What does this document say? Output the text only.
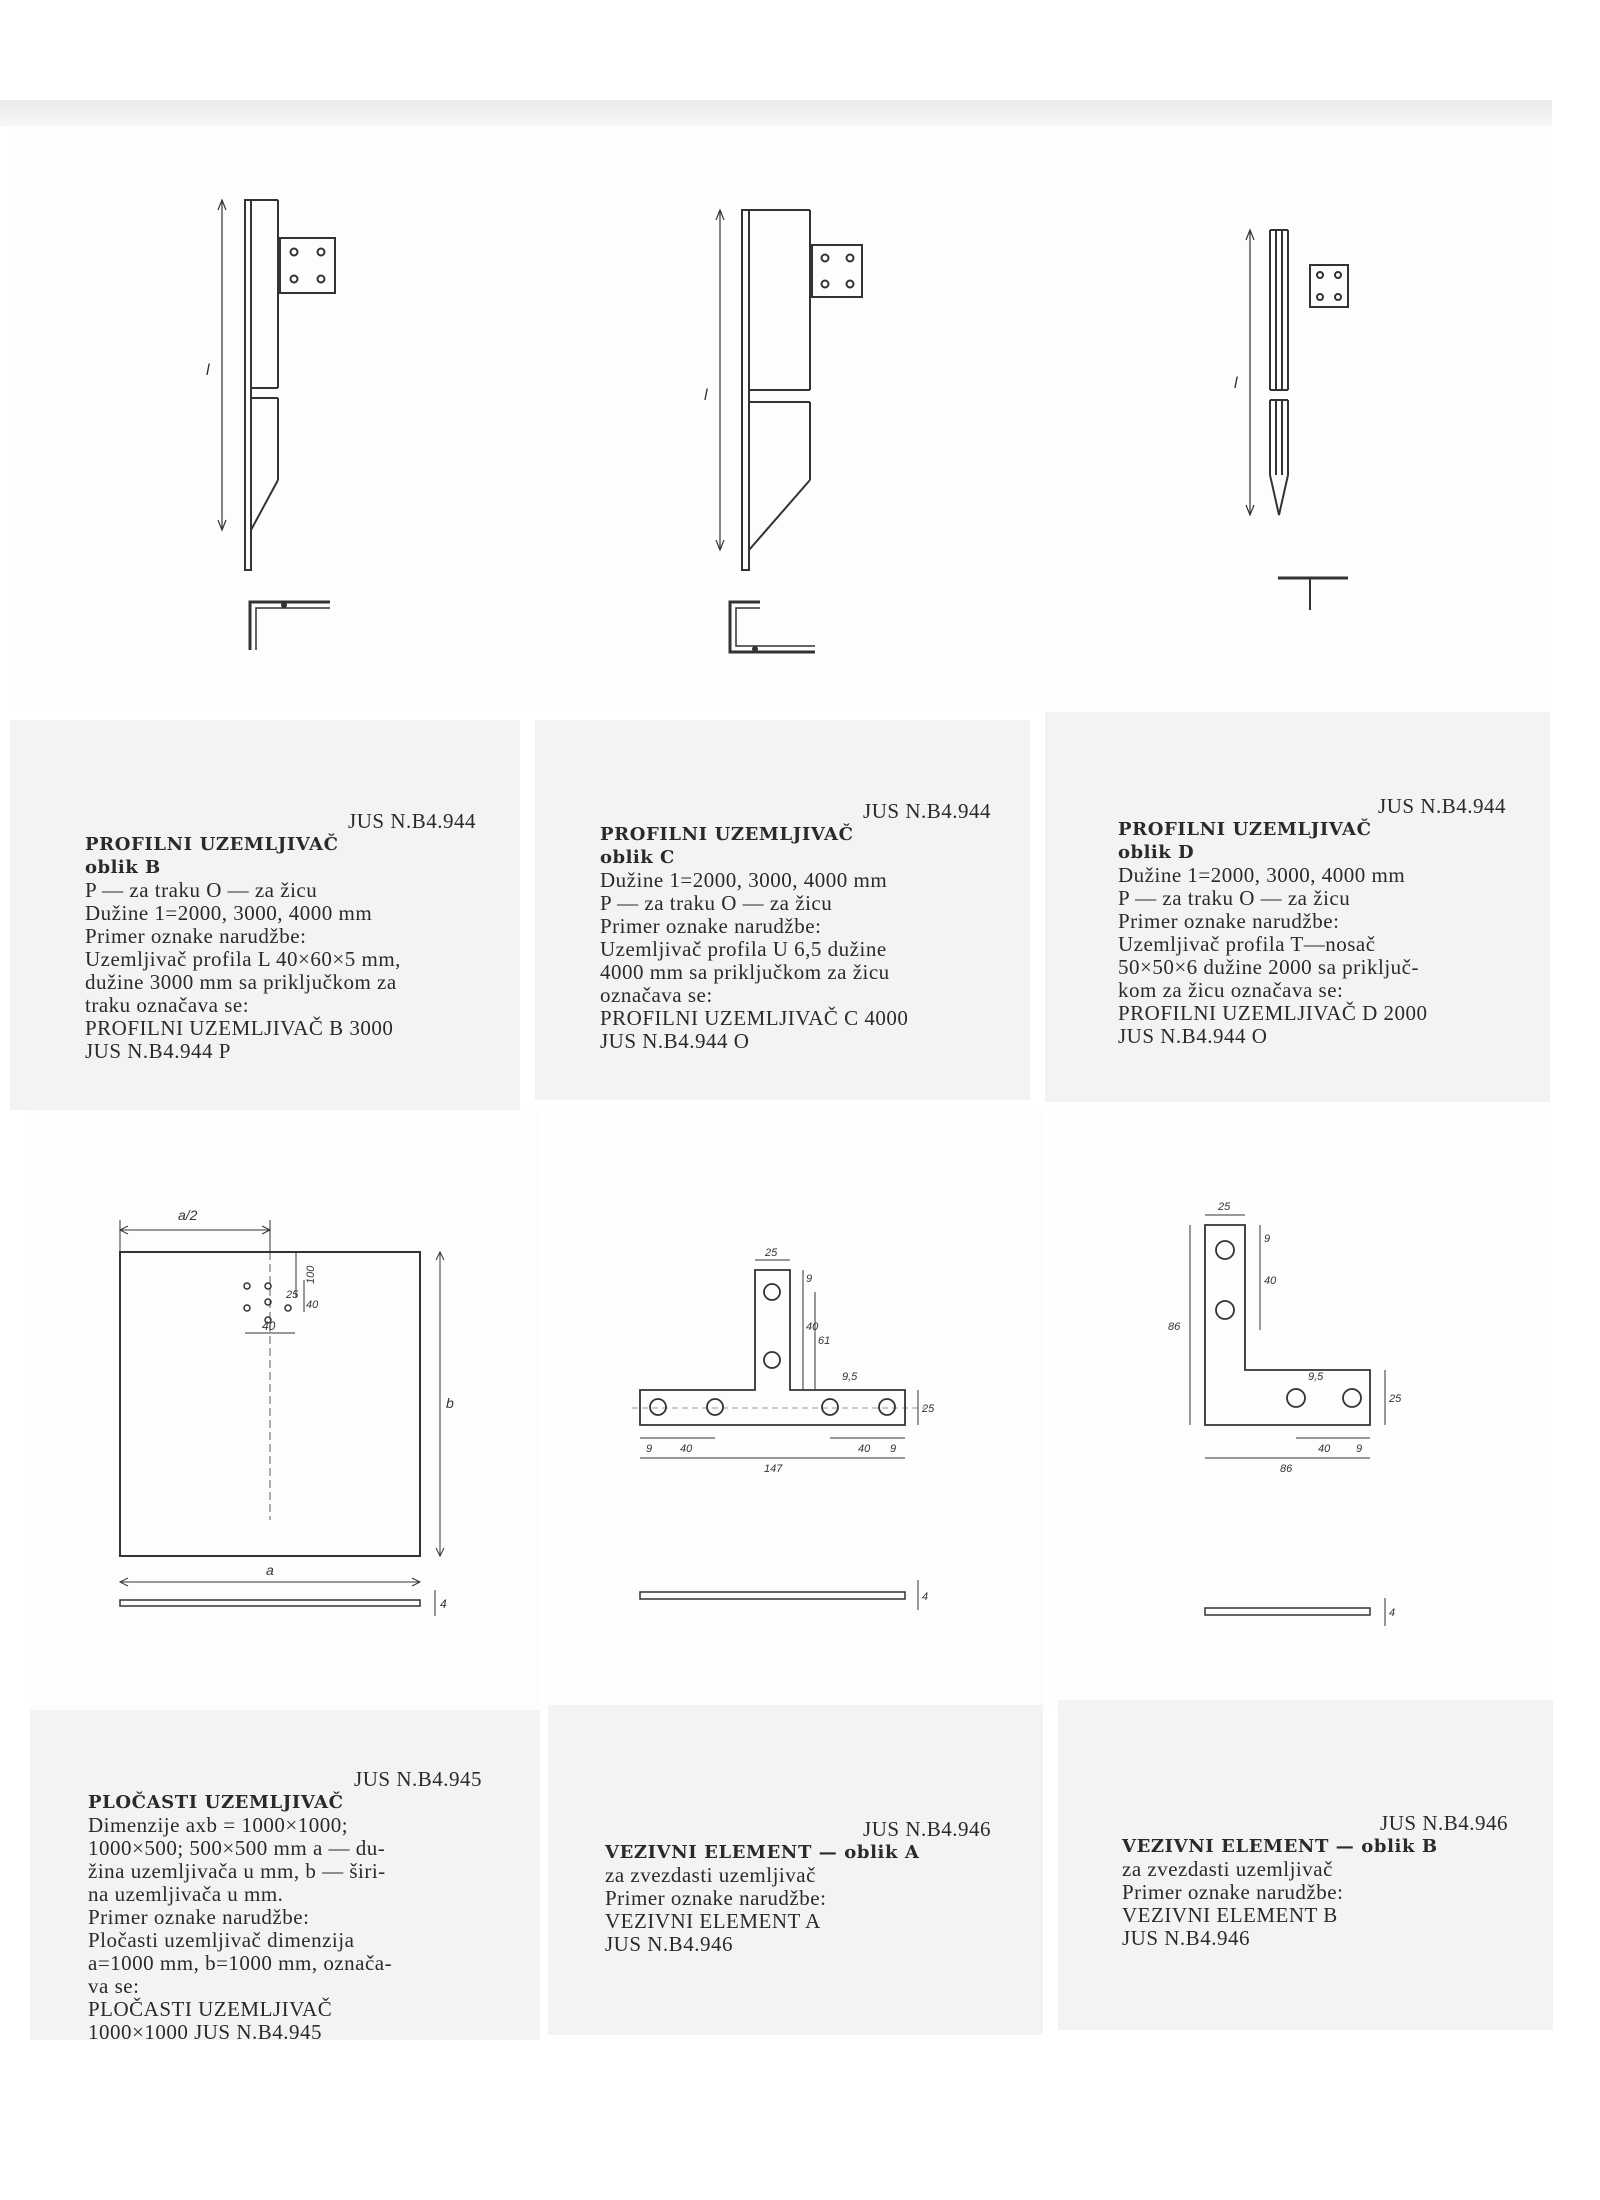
l
l
l

JUS N.B4.944

PROFILNI UZEMLJIVAČ

oblik B

P — za traku O — za žicu

Dužine 1=2000, 3000, 4000 mm

Primer oznake narudžbe:

Uzemljivač profila L 40×60×5 mm,

dužine 3000 mm sa priključkom za

traku označava se:

PROFILNI UZEMLJIVAČ B 3000

JUS N.B4.944 P

JUS N.B4.944

PROFILNI UZEMLJIVAČ

oblik C

Dužine 1=2000, 3000, 4000 mm

P — za traku O — za žicu

Primer oznake narudžbe:

Uzemljivač profila U 6,5 dužine

4000 mm sa priključkom za žicu

označava se:

PROFILNI UZEMLJIVAČ C 4000

JUS N.B4.944 O

JUS N.B4.944

PROFILNI UZEMLJIVAČ

oblik D

Dužine 1=2000, 3000, 4000 mm

P — za traku O — za žicu

Primer oznake narudžbe:

Uzemljivač profila T—nosač

50×50×6 dužine 2000 sa priključ-

kom za žicu označava se:

PROFILNI UZEMLJIVAČ D 2000

JUS N.B4.944 O

a/2
a
b
4
100
25
40
40
25
9
40
61
9,5
25
9	40	40 9
147
4
25
9
40
86
9,5
25
40 9
86
4

JUS N.B4.945

PLOČASTI UZEMLJIVAČ

Dimenzije axb = 1000×1000;

1000×500; 500×500 mm a — du-

žina uzemljivača u mm, b — širi-

na uzemljivača u mm.

Primer oznake narudžbe:

Pločasti uzemljivač dimenzija

a=1000 mm, b=1000 mm, označa-

va se:

PLOČASTI UZEMLJIVAČ

1000×1000 JUS N.B4.945

JUS N.B4.946

VEZIVNI ELEMENT — oblik A

za zvezdasti uzemljivač

Primer oznake narudžbe:

VEZIVNI ELEMENT A

JUS N.B4.946

JUS N.B4.946

VEZIVNI ELEMENT — oblik B

za zvezdasti uzemljivač

Primer oznake narudžbe:

VEZIVNI ELEMENT B

JUS N.B4.946
